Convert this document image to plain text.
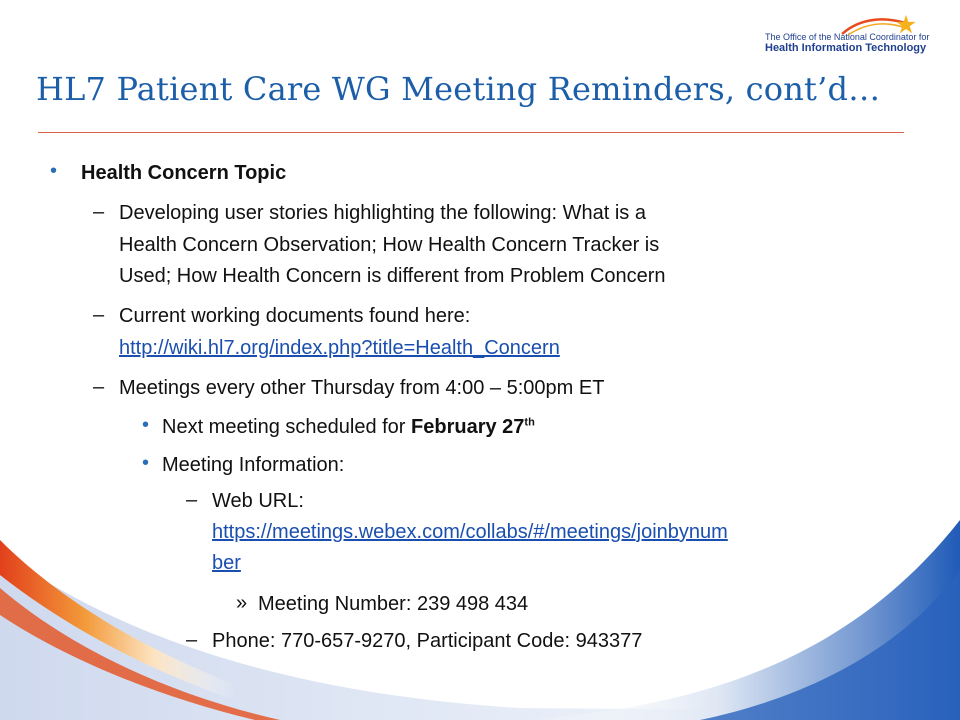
The Office of the National Coordinator for
Health Information Technology
HL7 Patient Care WG Meeting Reminders, cont’d…
• Health Concern Topic
– Developing user stories highlighting the following: What is a
Health Concern Observation; How Health Concern Tracker is
Used; How Health Concern is different from Problem Concern
– Current working documents found here:
http://wiki.hl7.org/index.php?title=Health_Concern
– Meetings every other Thursday from 4:00 – 5:00pm ET
• Next meeting scheduled for February 27th
• Meeting Information:
– Web URL:
https://meetings.webex.com/collabs/#/meetings/joinbynum
ber
» Meeting Number: 239 498 434
– Phone: 770-657-9270, Participant Code: 943377
